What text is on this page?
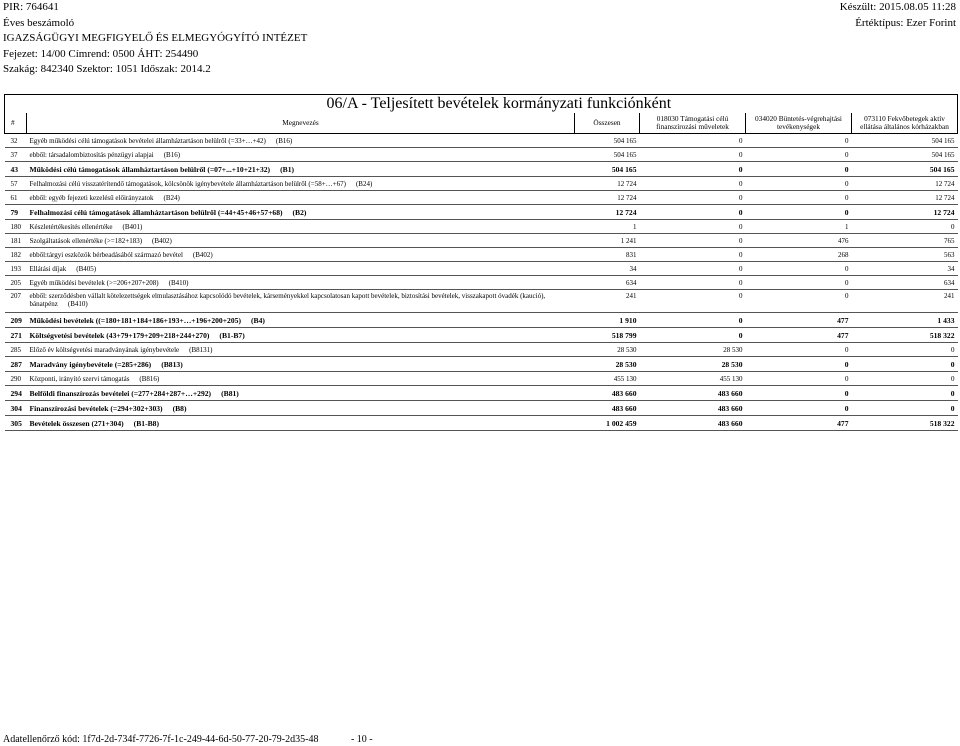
PIR: 764641
Éves beszámoló
IGAZSÁGÜGYI MEGFIGYELŐ ÉS ELMEGYÓGYÍTÓ INTÉZET
Fejezet: 14/00 Címrend: 0500 ÁHT: 254490
Szakág: 842340 Szektor: 1051 Időszak: 2014.2
Készült: 2015.08.05 11:28
Értéktípus: Ezer Forint
		06/A - Teljesített bevételek kormányzati funkciónként			
#	Megnevezés	Összesen	018030 Támogatási célú finanszírozási műveletek	034020 Büntetés-végrehajtási tevékenységek	073110 Fekvőbetegek aktív ellátása általános kórházakban
32	Egyéb működési célú támogatások bevételei államháztartáson belülről (=33+…+42) (B16)	504 165	0	0	504 165
37	ebből: társadalombiztosítás pénzügyi alapjai (B16)	504 165	0	0	504 165
43	Működési célú támogatások államháztartáson belülről (=07+...+10+21+32) (B1)	504 165	0	0	504 165
57	Felhalmozási célú visszatérítendő támogatások, kölcsönök igénybevétele államháztartáson belülről (=58+…+67) (B24)	12 724	0	0	12 724
61	ebből: egyéb fejezeti kezelésű előirányzatok (B24)	12 724	0	0	12 724
79	Felhalmozási célú támogatások államháztartáson belülről (=44+45+46+57+68) (B2)	12 724	0	0	12 724
180	Készletértékesítés ellenértéke (B401)	1	0	1	0
181	Szolgáltatások ellenértéke (>=182+183) (B402)	1 241	0	476	765
182	ebből:tárgyi eszközök bérbeadásából származó bevétel (B402)	831	0	268	563
193	Ellátási díjak (B405)	34	0	0	34
205	Egyéb működési bevételek (>=206+207+208) (B410)	634	0	0	634
207	ebből: szerződésben vállalt kötelezettségek elmulasztásához kapcsolódó bevételek, kárseményekkel kapcsolatosan kapott bevételek, biztosítási bevételek, visszakapott óvadék (kaució), bánatpénz (B410)	241	0	0	241
209	Működési bevételek ((=180+181+184+186+193+…+196+200+205) (B4)	1 910	0	477	1 433
271	Költségvetési bevételek (43+79+179+209+218+244+270) (B1-B7)	518 799	0	477	518 322
285	Előző év költségvetési maradványának igénybevétele (B8131)	28 530	28 530	0	0
287	Maradvány igénybevétele (=285+286) (B813)	28 530	28 530	0	0
290	Központi, irányító szervi támogatás (B816)	455 130	455 130	0	0
294	Belföldi finanszírozás bevételei (=277+284+287+…+292) (B81)	483 660	483 660	0	0
304	Finanszírozási bevételek (=294+302+303) (B8)	483 660	483 660	0	0
305	Bevételek összesen (271+304) (B1-B8)	1 002 459	483 660	477	518 322
Adatellenőrző kód: 1f7d-2d-734f-7726-7f-1c-249-44-6d-50-77-20-79-2d35-48	- 10 -
